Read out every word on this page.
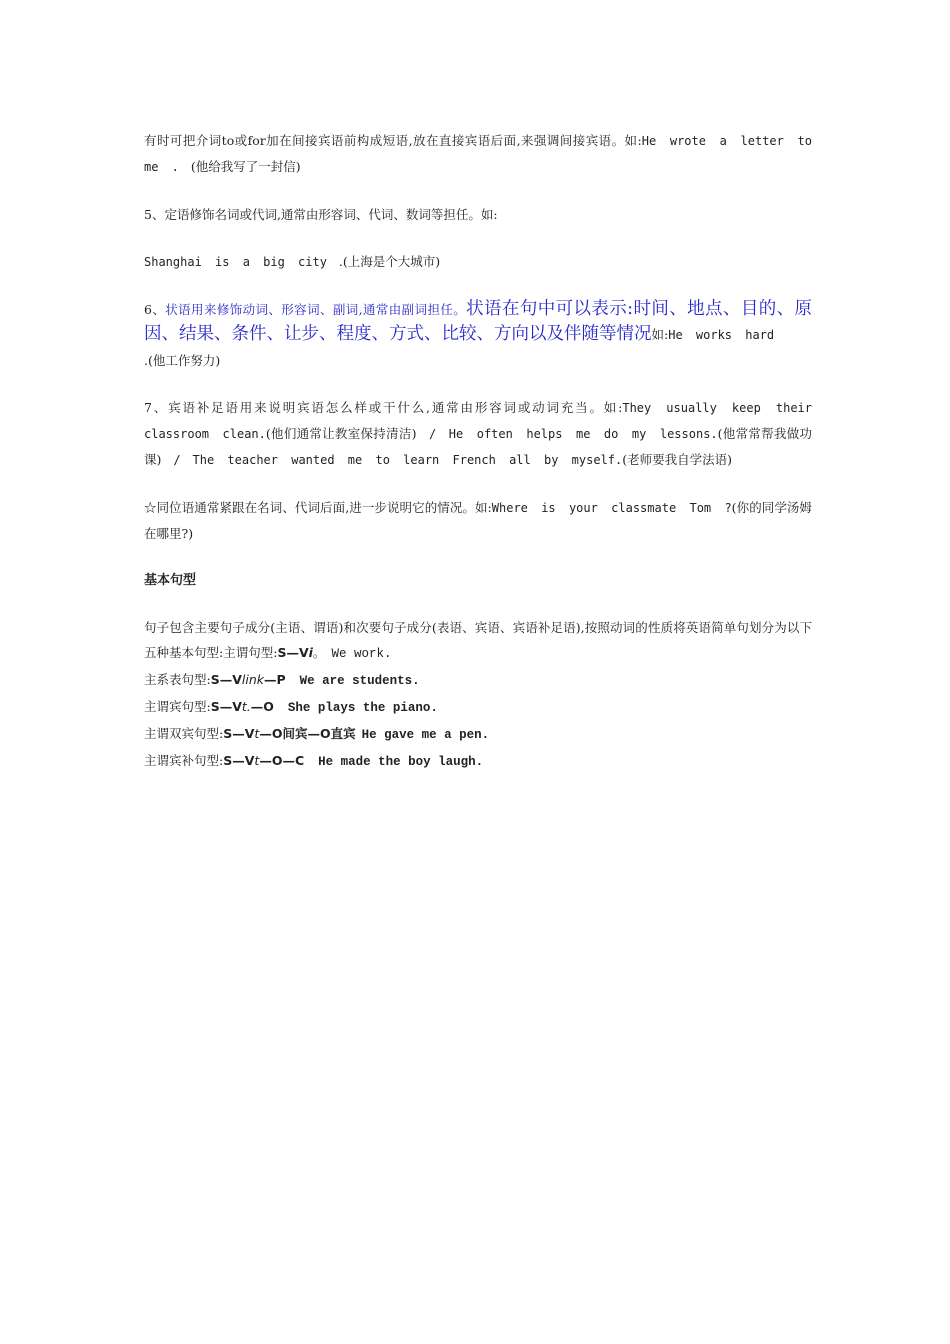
有时可把介词to或for加在间接宾语前构成短语,放在直接宾语后面,来强调间接宾语。如:He wrote a letter to me . (他给我写了一封信)

5、定语修饰名词或代词,通常由形容词、代词、数词等担任。如:

Shanghai is a big city .(上海是个大城市)

6、状语用来修饰动词、形容词、副词,通常由副词担任。状语在句中可以表示:时间、地点、目的、原因、结果、条件、让步、程度、方式、比较、方向以及伴随等情况如:He works hard
.(他工作努力)

7、宾语补足语用来说明宾语怎么样或干什么,通常由形容词或动词充当。如:They usually keep their classroom clean.(他们通常让教室保持清洁) / He often helps me do my lessons.(他常常帮我做功课) / The teacher wanted me to learn French all by myself.(老师要我自学法语)

☆同位语通常紧跟在名词、代词后面,进一步说明它的情况。如:Where is your classmate Tom ?(你的同学汤姆在哪里?)

基本句型

句子包含主要句子成分(主语、谓语)和次要句子成分(表语、宾语、宾语补足语),按照动词的性质将英语简单句划分为以下五种基本句型:主谓句型:S—Vi。 We work.

主系表句型:S—Vlink—P We are students.

主谓宾句型:S—Vt.—O She plays the piano.

主谓双宾句型:S—Vt—O间宾—O直宾 He gave me a pen.

主谓宾补句型:S—Vt—O—C He made the boy laugh.
